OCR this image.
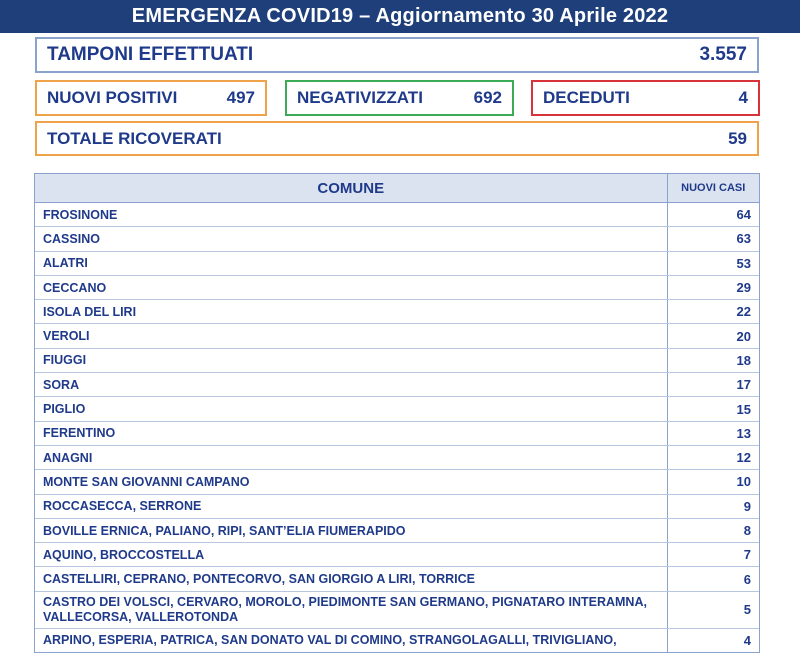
EMERGENZA COVID19 – Aggiornamento 30 Aprile 2022
TAMPONI EFFETTUATI	3.557
NUOVI POSITIVI	497 NEGATIVIZZATI	692 DECEDUTI	4
TOTALE RICOVERATI	59
COMUNE	NUOVI CASI
FROSINONE	64
CASSINO	63
ALATRI	53
CECCANO	29
ISOLA DEL LIRI	22
VEROLI	20
FIUGGI	18
SORA	17
PIGLIO	15
FERENTINO	13
ANAGNI	12
MONTE SAN GIOVANNI CAMPANO	10
ROCCASECCA, SERRONE	9
BOVILLE ERNICA, PALIANO, RIPI, SANT’ELIA FIUMERAPIDO	8
AQUINO, BROCCOSTELLA	7
CASTELLIRI, CEPRANO, PONTECORVO, SAN GIORGIO A LIRI, TORRICE	6
CASTRO DEI VOLSCI, CERVARO, MOROLO, PIEDIMONTE SAN GERMANO, PIGNATARO INTERAMNA, VALLECORSA, VALLEROTONDA	5
ARPINO, ESPERIA, PATRICA, SAN DONATO VAL DI COMINO, STRANGOLAGALLI, TRIVIGLIANO,	4
